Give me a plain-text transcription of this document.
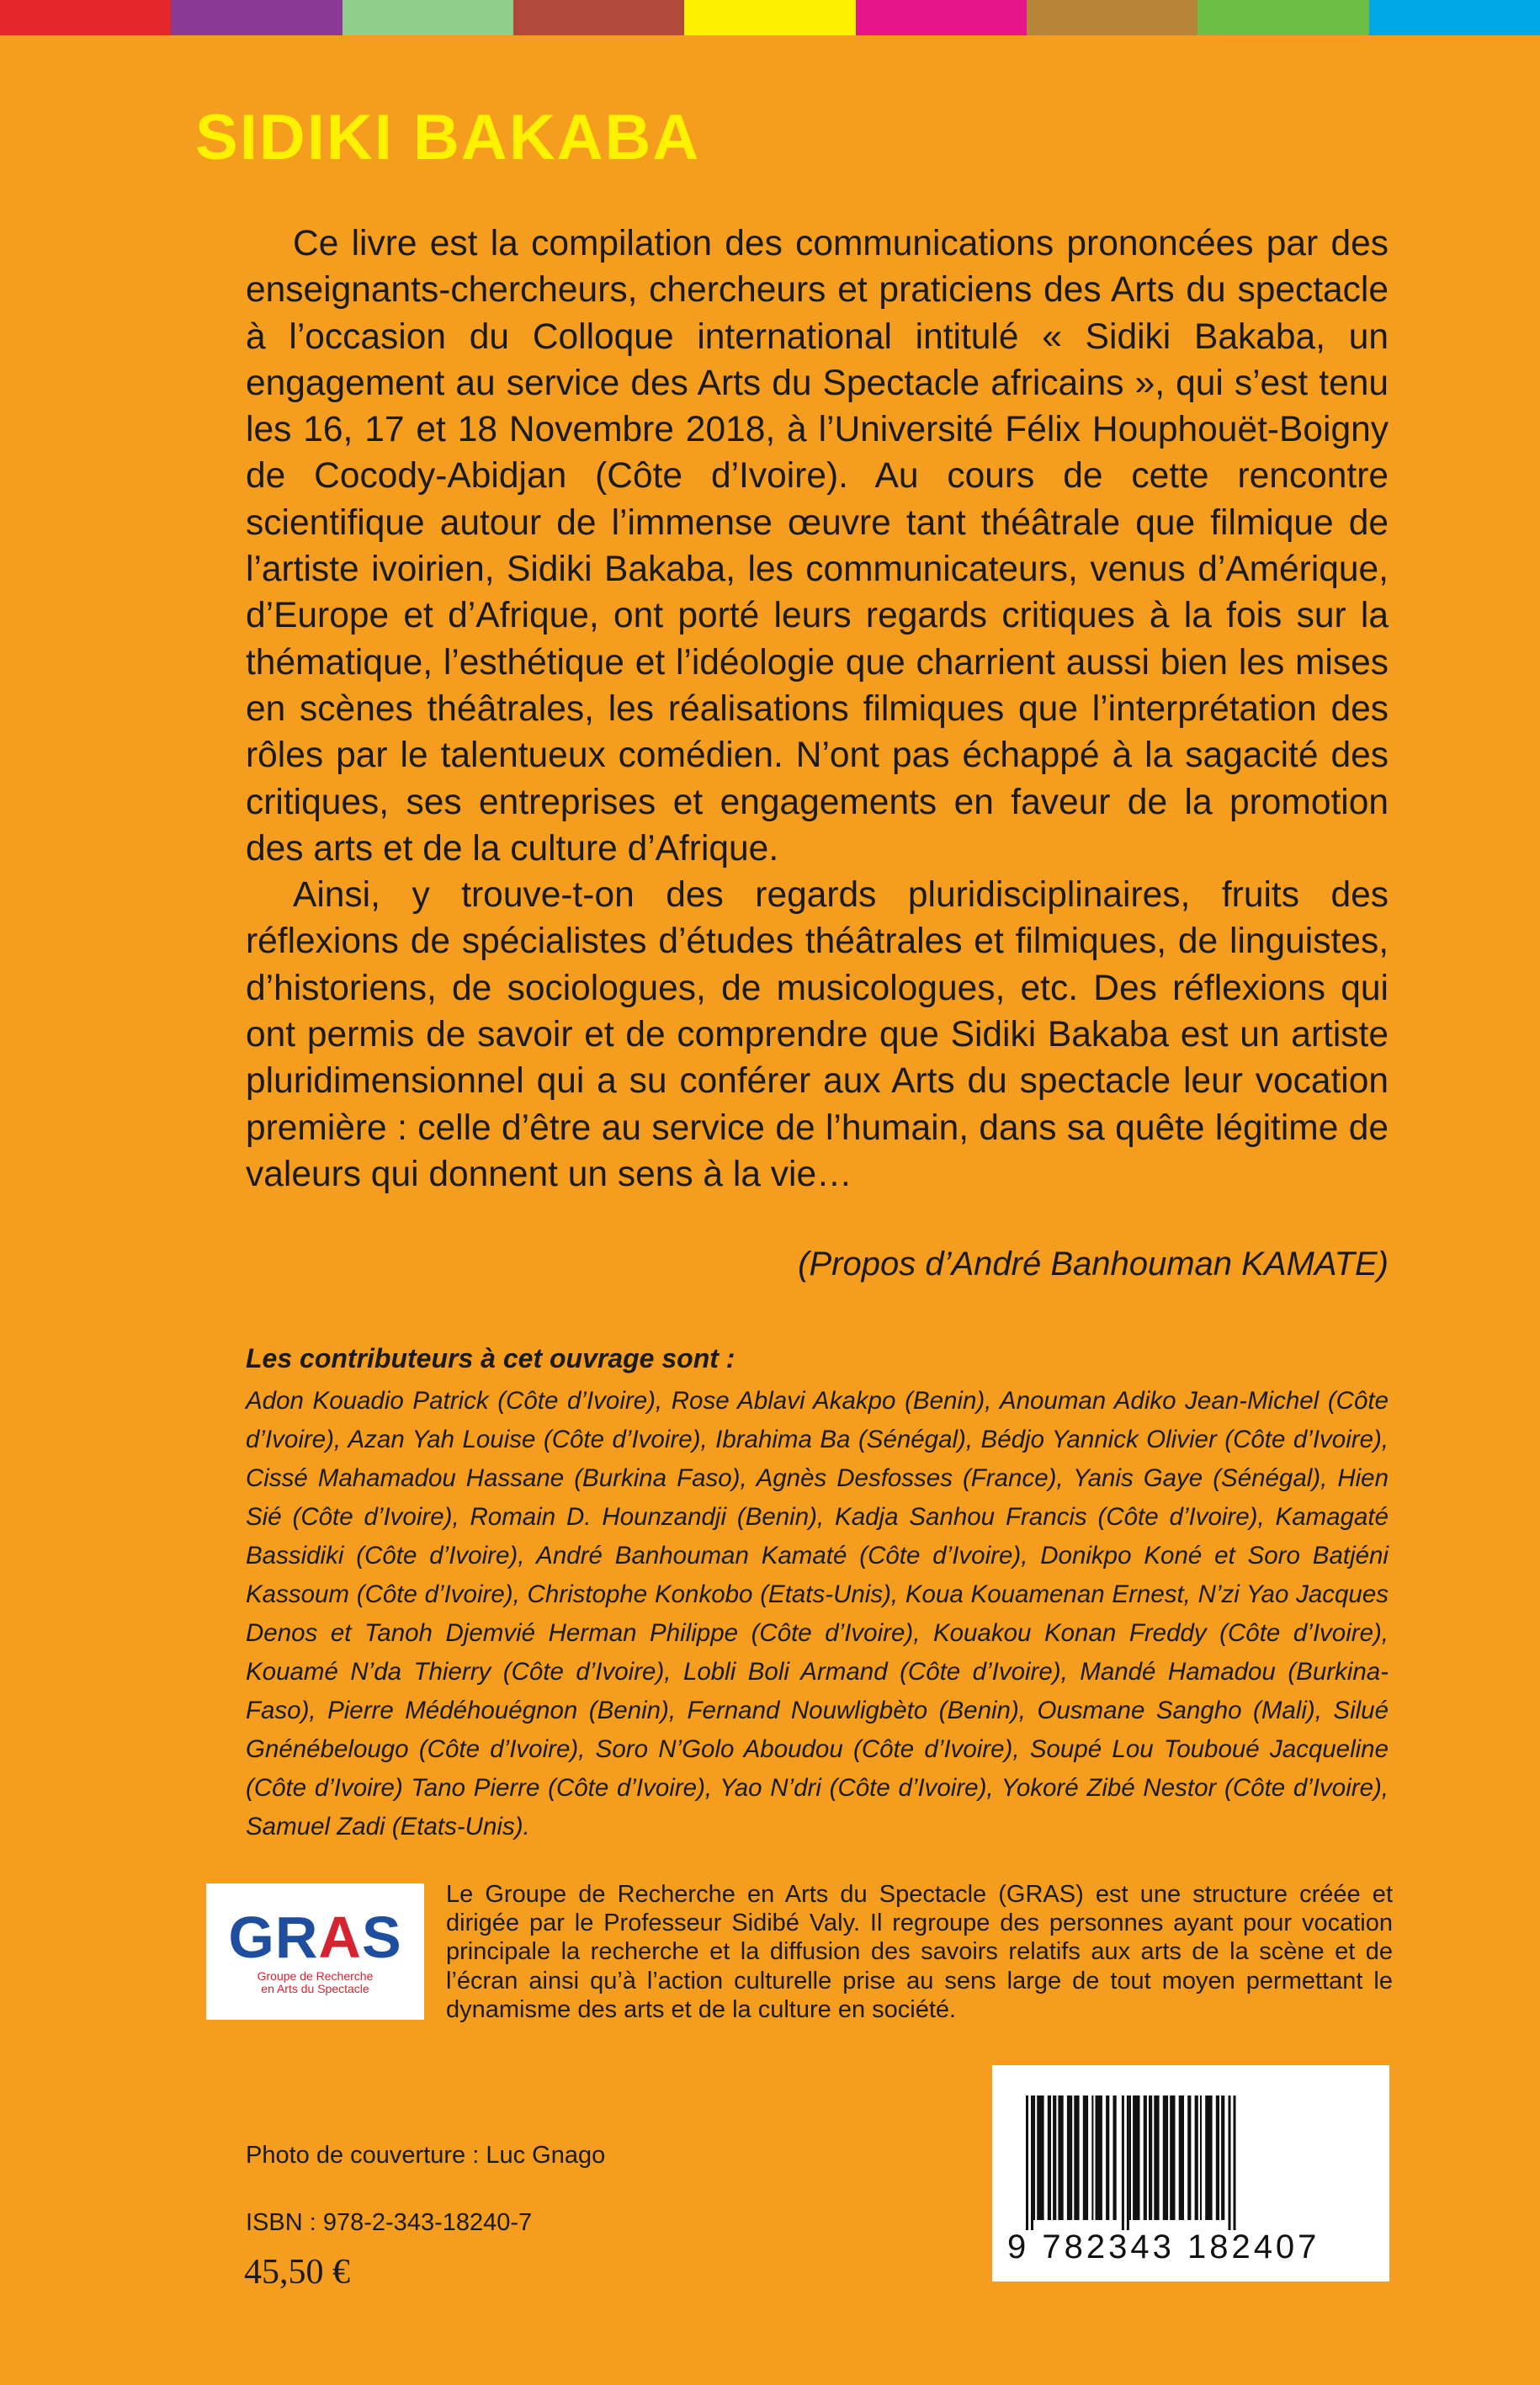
SIDIKI BAKABA

Ce livre est la compilation des communications prononcées par des enseignants-chercheurs, chercheurs et praticiens des Arts du spectacle à l’occasion du Colloque international intitulé « Sidiki Bakaba, un engagement au service des Arts du Spectacle africains », qui s’est tenu les 16, 17 et 18 Novembre 2018, à l’Université Félix Houphouët-Boigny de Cocody-Abidjan (Côte d’Ivoire). Au cours de cette rencontre scientifique autour de l’immense œuvre tant théâtrale que filmique de l’artiste ivoirien, Sidiki Bakaba, les communicateurs, venus d’Amérique, d’Europe et d’Afrique, ont porté leurs regards critiques à la fois sur la thématique, l’esthétique et l’idéologie que charrient aussi bien les mises en scènes théâtrales, les réalisations filmiques que l’interprétation des rôles par le talentueux comédien. N’ont pas échappé à la sagacité des critiques, ses entreprises et engagements en faveur de la promotion des arts et de la culture d’Afrique.

Ainsi, y trouve-t-on des regards pluridisciplinaires, fruits des réflexions de spécialistes d’études théâtrales et filmiques, de linguistes, d’historiens, de sociologues, de musicologues, etc. Des réflexions qui ont permis de savoir et de comprendre que Sidiki Bakaba est un artiste pluridimensionnel qui a su conférer aux Arts du spectacle leur vocation première : celle d’être au service de l’humain, dans sa quête légitime de valeurs qui donnent un sens à la vie…

(Propos d’André Banhouman KAMATE)
Les contributeurs à cet ouvrage sont :

Adon Kouadio Patrick (Côte d’Ivoire), Rose Ablavi Akakpo (Benin), Anouman Adiko Jean-Michel (Côte d’Ivoire), Azan Yah Louise (Côte d’Ivoire), Ibrahima Ba (Sénégal), Bédjo Yannick Olivier (Côte d’Ivoire), Cissé Mahamadou Hassane (Burkina Faso), Agnès Desfosses (France), Yanis Gaye (Sénégal), Hien Sié (Côte d’Ivoire), Romain D. Hounzandji (Benin), Kadja Sanhou Francis (Côte d’Ivoire), Kamagaté Bassidiki (Côte d’Ivoire), André Banhouman Kamaté (Côte d’Ivoire), Donikpo Koné et Soro Batjéni Kassoum (Côte d’Ivoire), Christophe Konkobo (Etats-Unis), Koua Kouamenan Ernest, N’zi Yao Jacques Denos et Tanoh Djemvié Herman Philippe (Côte d’Ivoire), Kouakou Konan Freddy (Côte d’Ivoire), Kouamé N’da Thierry (Côte d’Ivoire), Lobli Boli Armand (Côte d’Ivoire), Mandé Hamadou (Burkina-Faso), Pierre Médéhouégnon (Benin), Fernand Nouwligbèto (Benin), Ousmane Sangho (Mali), Silué Gnénébelougo (Côte d’Ivoire), Soro N’Golo Aboudou (Côte d’Ivoire), Soupé Lou Touboué Jacqueline (Côte d’Ivoire) Tano Pierre (Côte d’Ivoire), Yao N’dri (Côte d’Ivoire), Yokoré Zibé Nestor (Côte d’Ivoire), Samuel Zadi (Etats-Unis).

GRAS
Groupe de Recherche
en Arts du Spectacle

Le Groupe de Recherche en Arts du Spectacle (GRAS) est une structure créée et dirigée par le Professeur Sidibé Valy. Il regroupe des personnes ayant pour vocation principale la recherche et la diffusion des savoirs relatifs aux arts de la scène et de l’écran ainsi qu’à l’action culturelle prise au sens large de tout moyen permettant le dynamisme des arts et de la culture en société.

9 782343 182407
Photo de couverture : Luc Gnago
ISBN : 978-2-343-18240-7
45,50 €
